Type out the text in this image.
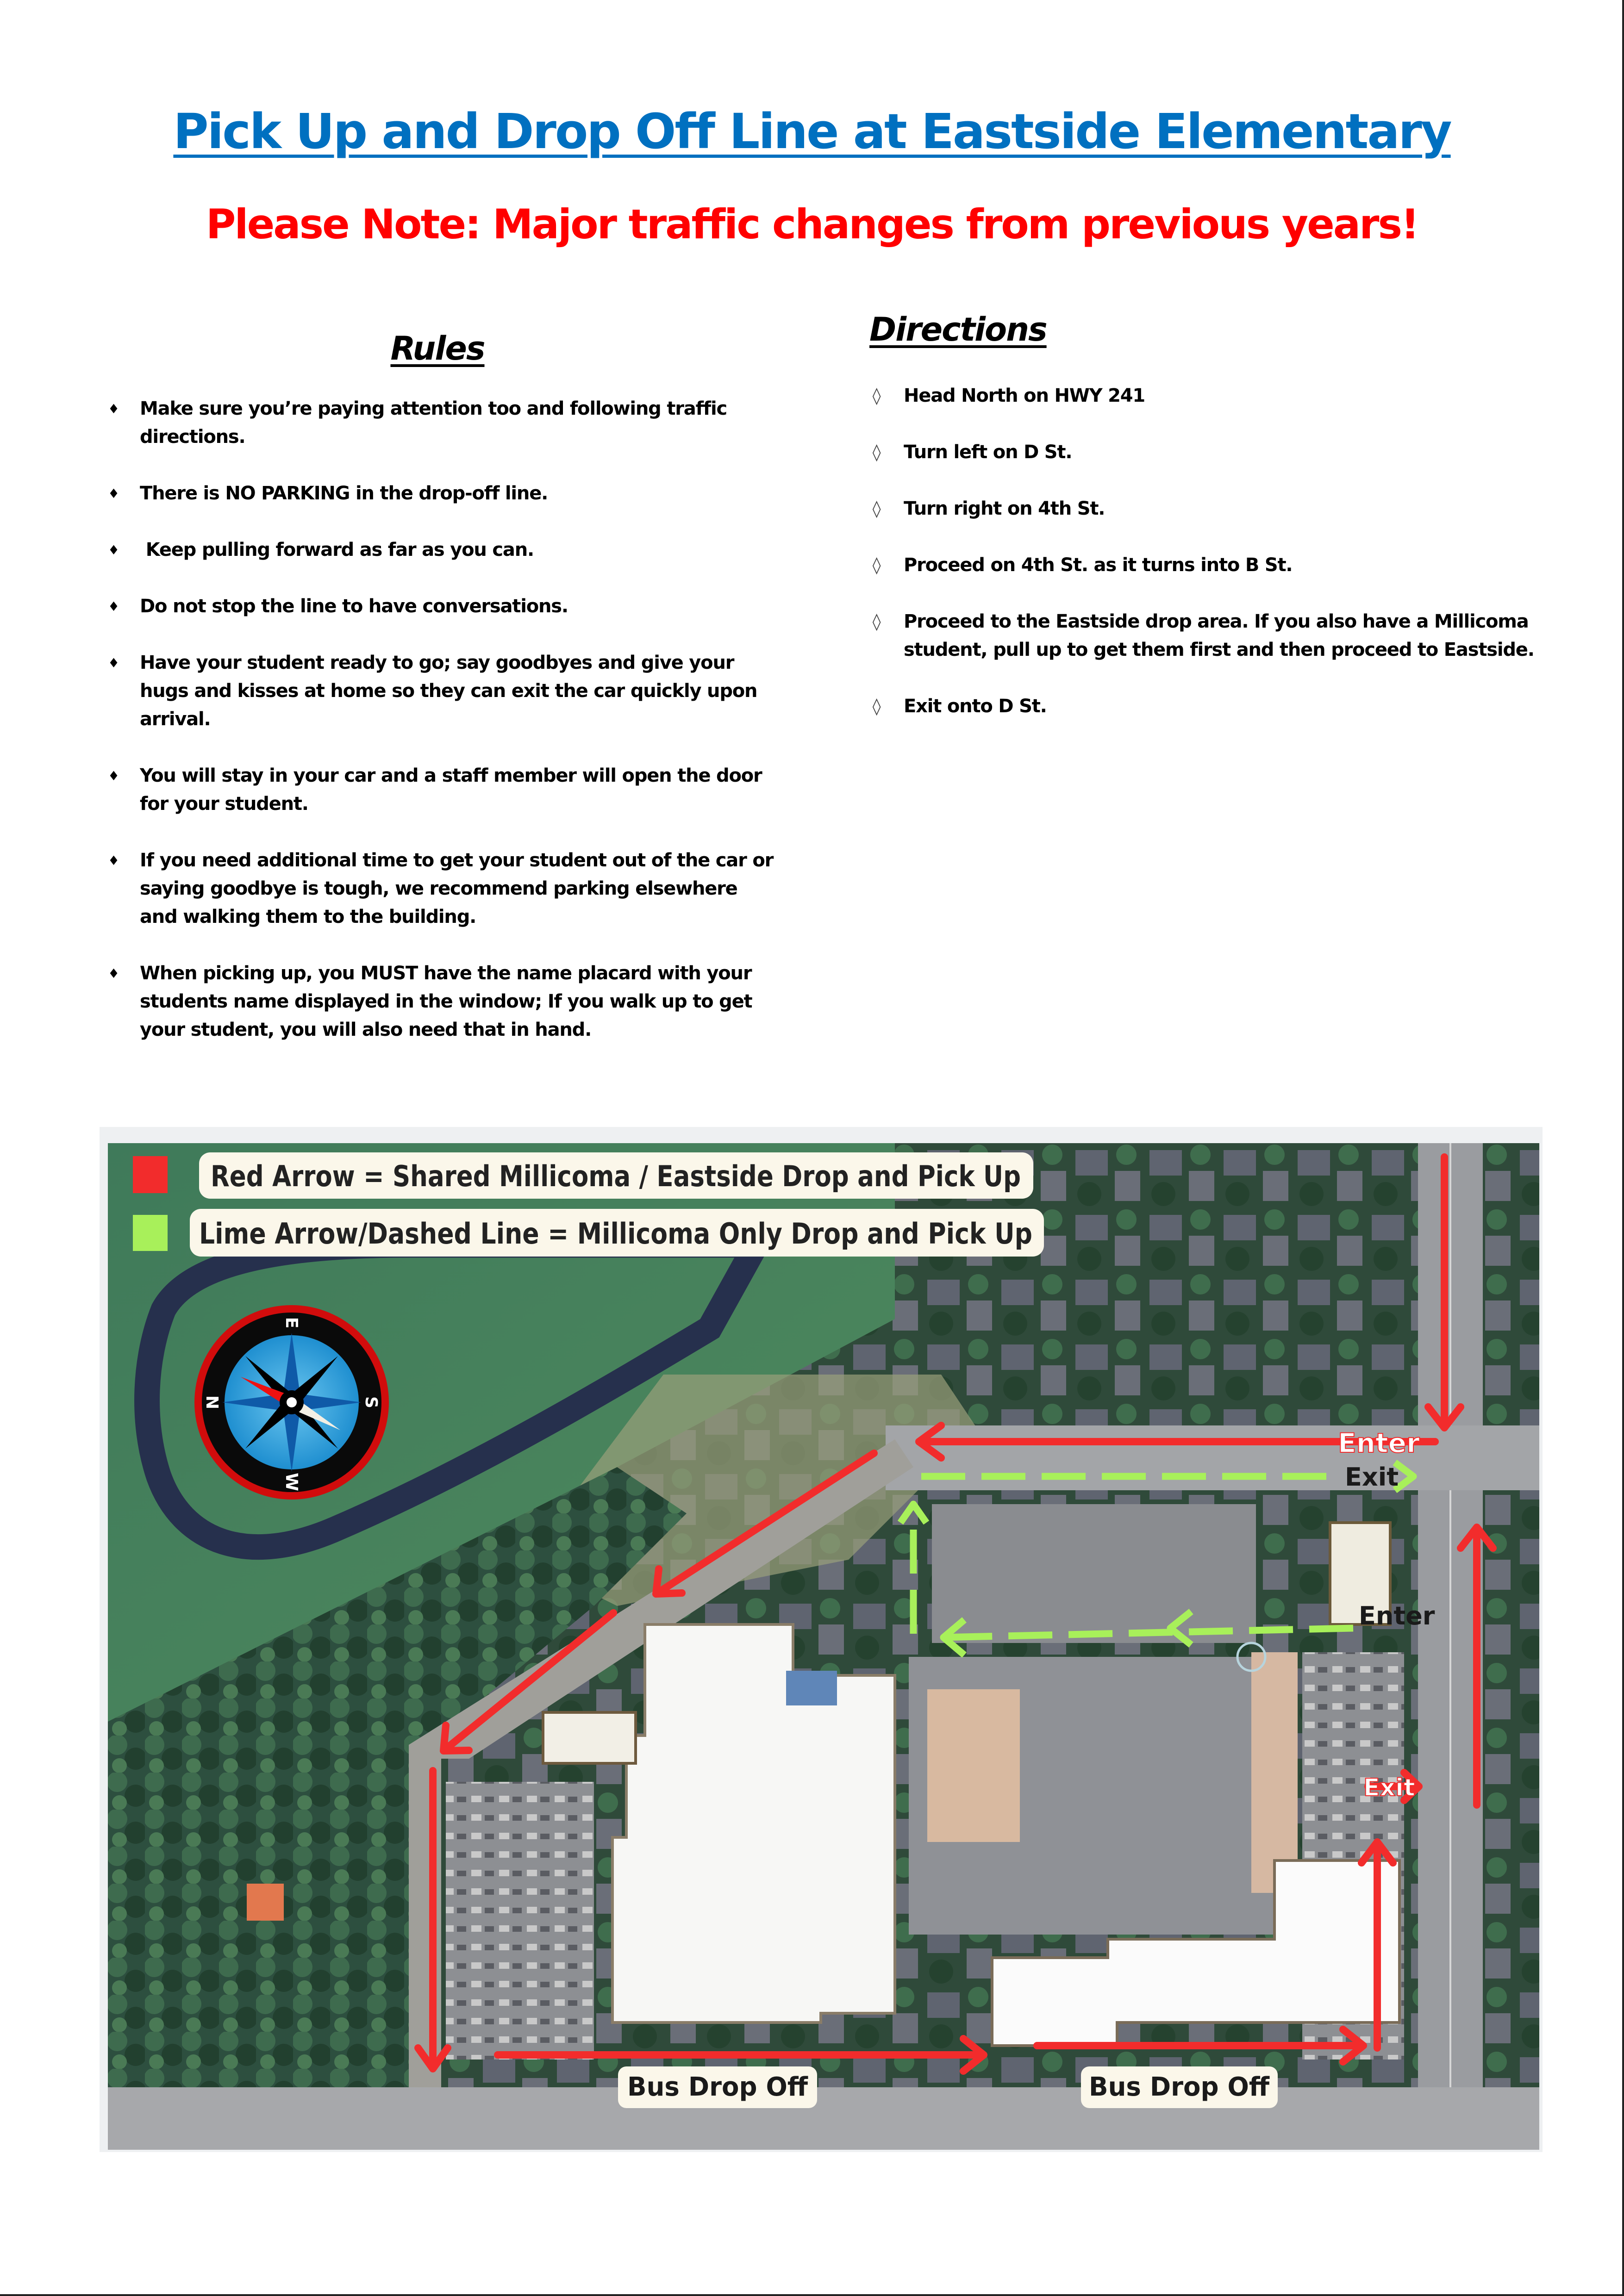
Pick Up and Drop Off Line at Eastside Elementary
Please Note: Major traffic changes from previous years!
Rules
♦ Make sure you’re paying attention too and following traffic directions.
♦ There is NO PARKING in the drop-off line.
♦ Keep pulling forward as far as you can.
♦ Do not stop the line to have conversations.
♦ Have your student ready to go; say goodbyes and give your hugs and kisses at home so they can exit the car quickly upon arrival.
♦ You will stay in your car and a staff member will open the door for your student.
♦ If you need additional time to get your student out of the car or saying goodbye is tough, we recommend parking elsewhere and walking them to the building.
♦ When picking up, you MUST have the name placard with your students name displayed in the window; If you walk up to get your student, you will also need that in hand.
Directions
◊ Head North on HWY 241
◊ Turn left on D St.
◊ Turn right on 4th St.
◊ Proceed on 4th St. as it turns into B St.
◊ Proceed to the Eastside drop area. If you also have a Millicoma student, pull up to get them first and then proceed to Eastside.
◊ Exit onto D St.
Red Arrow = Shared Millicoma / Eastside Drop and Pick Up
Lime Arrow/Dashed Line = Millicoma Only Drop and Pick Up
E
N	S
W
Enter
Exit
Exit
Enter
Bus Drop Off	Bus Drop Off
